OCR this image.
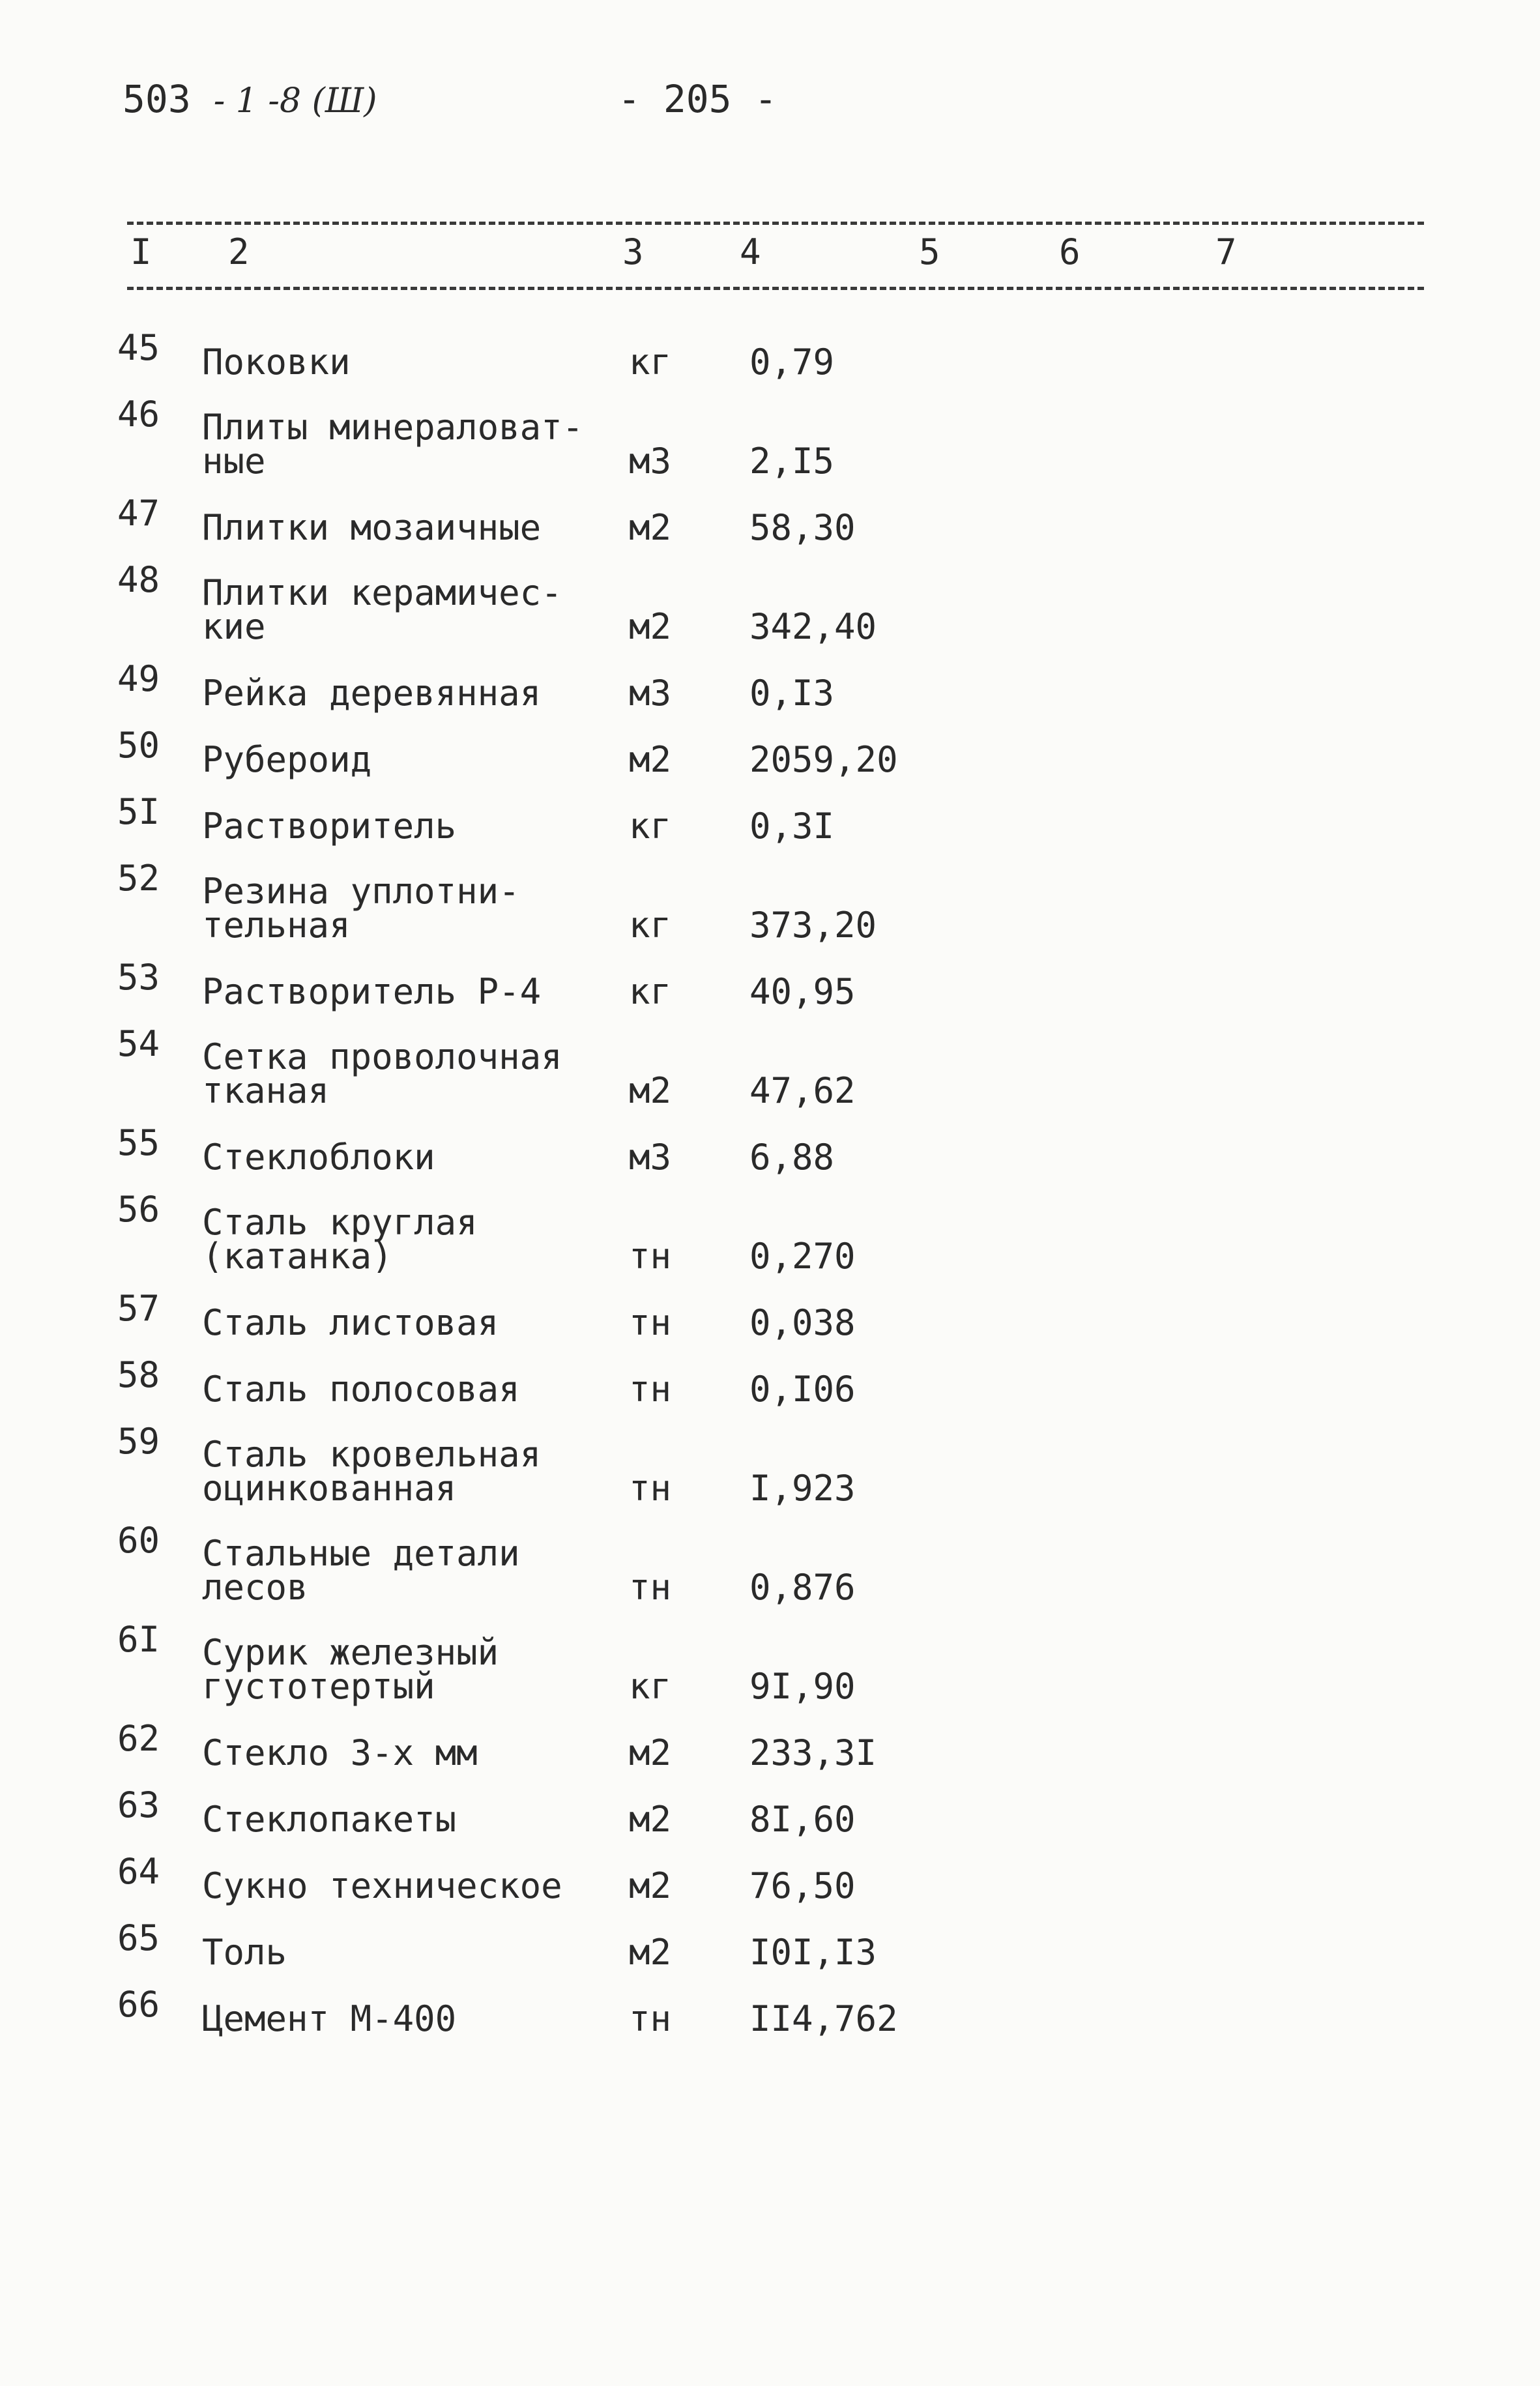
503 - 1 -8 (Ш)	- 205 -
I 2	3	4	5	6	7
45	Поковки	кг	0,79
46	Плиты минераловат-
ные	м3	2,I5
47	Плитки мозаичные	м2	58,30
48	Плитки керамичес-
кие	м2	342,40
49	Рейка деревянная	м3	0,I3
50	Рубероид	м2	2059,20
5I	Растворитель	кг	0,3I
52	Резина уплотни-
тельная	кг	373,20
53	Растворитель Р-4	кг	40,95
54	Сетка проволочная
тканая	м2	47,62
55	Стеклоблоки	м3	6,88
56	Сталь круглая
(катанка)	тн	0,270
57	Сталь листовая	тн	0,038
58	Сталь полосовая	тн	0,I06
59	Сталь кровельная
оцинкованная	тн	I,923
60	Стальные детали
лесов	тн	0,876
6I	Сурик железный
густотертый	кг	9I,90
62	Стекло 3-х мм	м2	233,3I
63	Стеклопакеты	м2	8I,60
64	Сукно техническое	м2	76,50
65	Толь	м2	I0I,I3
66	Цемент М-400	тн	II4,762
